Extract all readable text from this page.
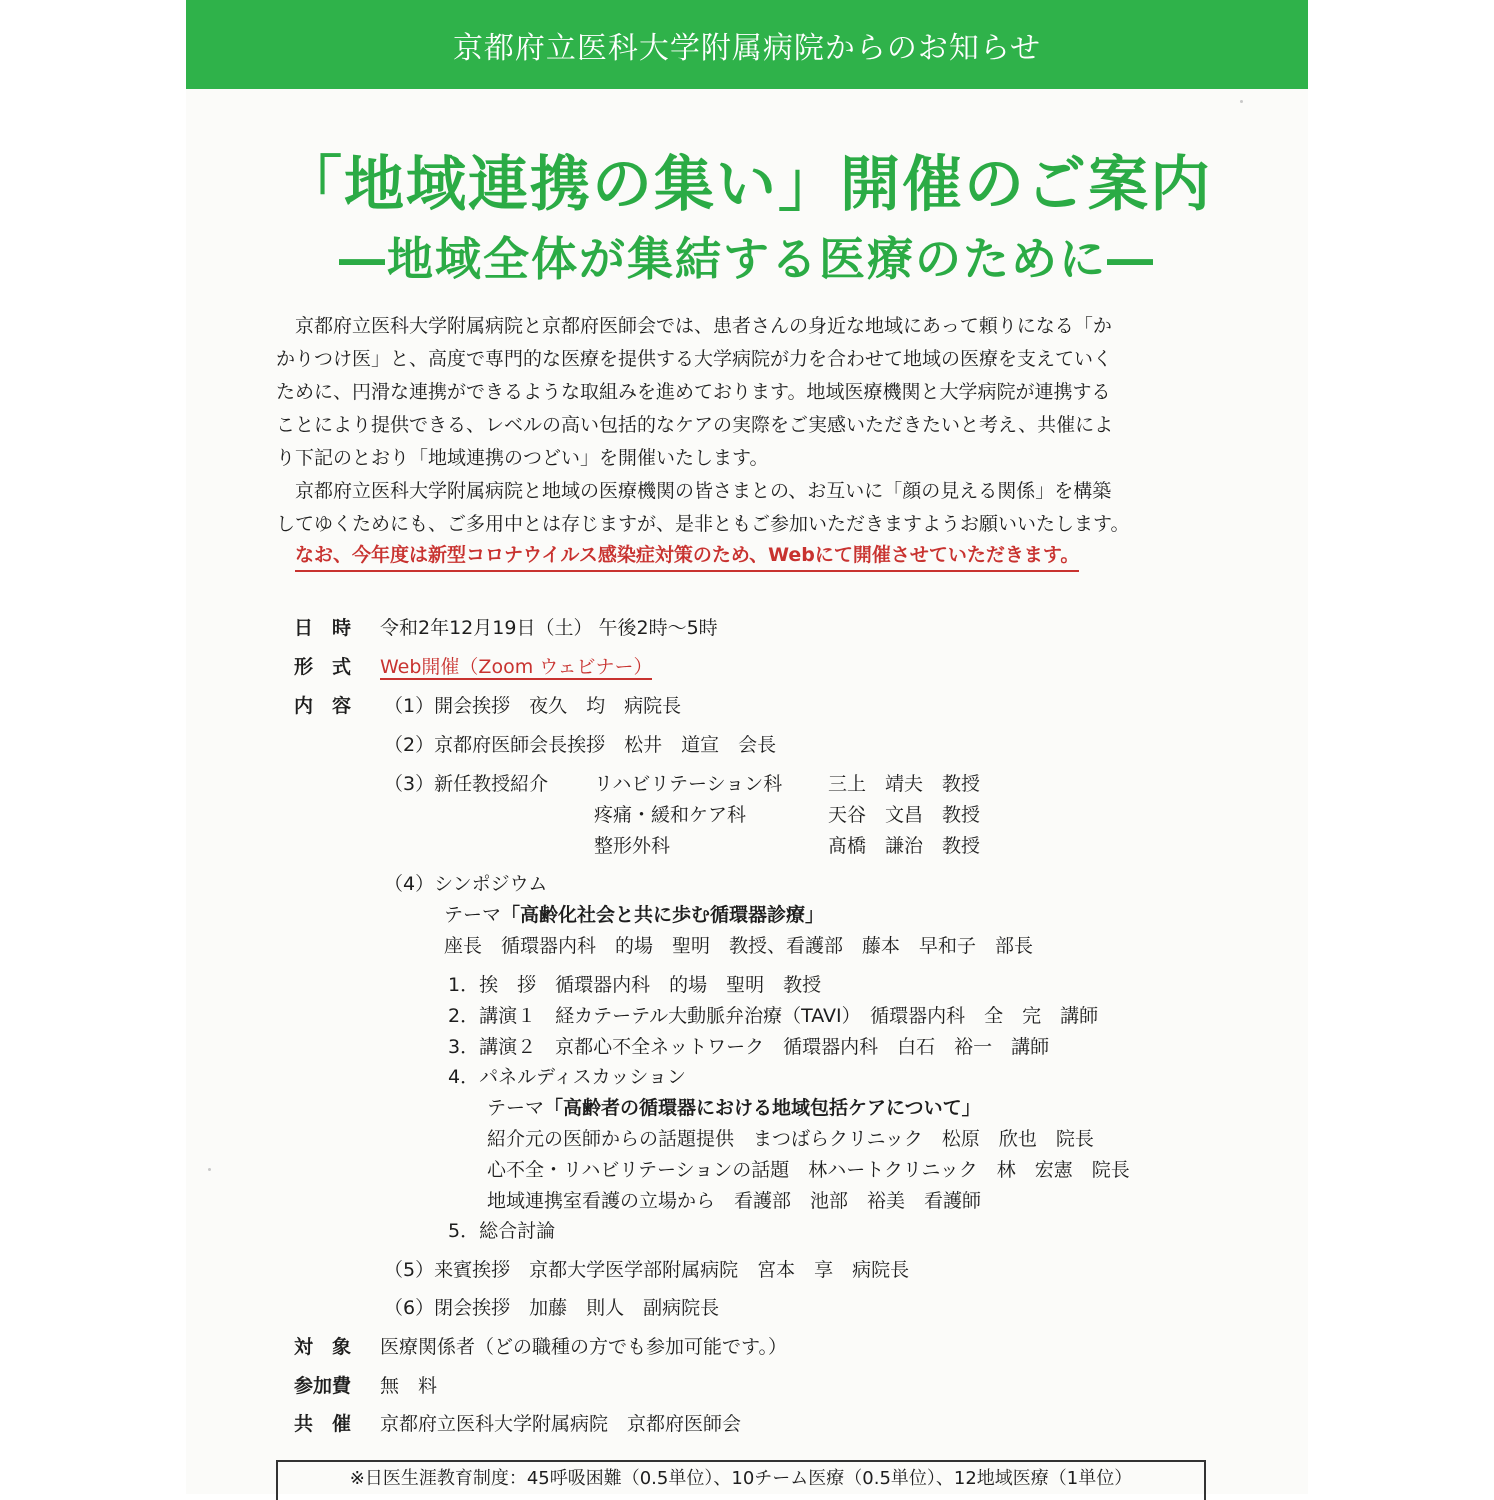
京都府立医科大学附属病院からのお知らせ
「地域連携の集い」開催のご案内
―地域全体が集結する医療のために―
京都府立医科大学附属病院と京都府医師会では、患者さんの身近な地域にあって頼りになる「か
かりつけ医」と、高度で専門的な医療を提供する大学病院が力を合わせて地域の医療を支えていく
ために、円滑な連携ができるような取組みを進めております。地域医療機関と大学病院が連携する
ことにより提供できる、レベルの高い包括的なケアの実際をご実感いただきたいと考え、共催によ
り下記のとおり「地域連携のつどい」を開催いたします。
京都府立医科大学附属病院と地域の医療機関の皆さまとの、お互いに「顔の見える関係」を構築
してゆくためにも、ご多用中とは存じますが、是非ともご参加いただきますようお願いいたします。
なお、今年度は新型コロナウイルス感染症対策のため、Webにて開催させていただきます。
日　時 令和2年12月19日（土） 午後2時～5時
形　式 Web開催（Zoom ウェビナー）
内　容 （1）開会挨拶　夜久　均　病院長
（2）京都府医師会長挨拶　松井　道宣　会長
（3）新任教授紹介 リハビリテーション科 三上　靖夫　教授
疼痛・緩和ケア科	天谷　文昌　教授
整形外科	髙橋　謙治　教授
（4）シンポジウム
テーマ「高齢化社会と共に歩む循環器診療」
座長　循環器内科　的場　聖明　教授、看護部　藤本　早和子　部長
1．挨　拶　循環器内科　的場　聖明　教授
2．講演１　経カテーテル大動脈弁治療（TAVI）　循環器内科　全　完　講師
3．講演２　京都心不全ネットワーク　循環器内科　白石　裕一　講師
4．パネルディスカッション
テーマ「高齢者の循環器における地域包括ケアについて」
紹介元の医師からの話題提供　まつばらクリニック　松原　欣也　院長
心不全・リハビリテーションの話題　林ハートクリニック　林　宏憲　院長
地域連携室看護の立場から　看護部　池部　裕美　看護師
5．総合討論
（5）来賓挨拶　京都大学医学部附属病院　宮本　享　病院長
（6）閉会挨拶　加藤　則人　副病院長
対　象 医療関係者（どの職種の方でも参加可能です。）
参加費 無　料
共　催 京都府立医科大学附属病院　京都府医師会
※日医生涯教育制度：45呼吸困難（0.5単位）、10チーム医療（0.5単位）、12地域医療（1単位）
